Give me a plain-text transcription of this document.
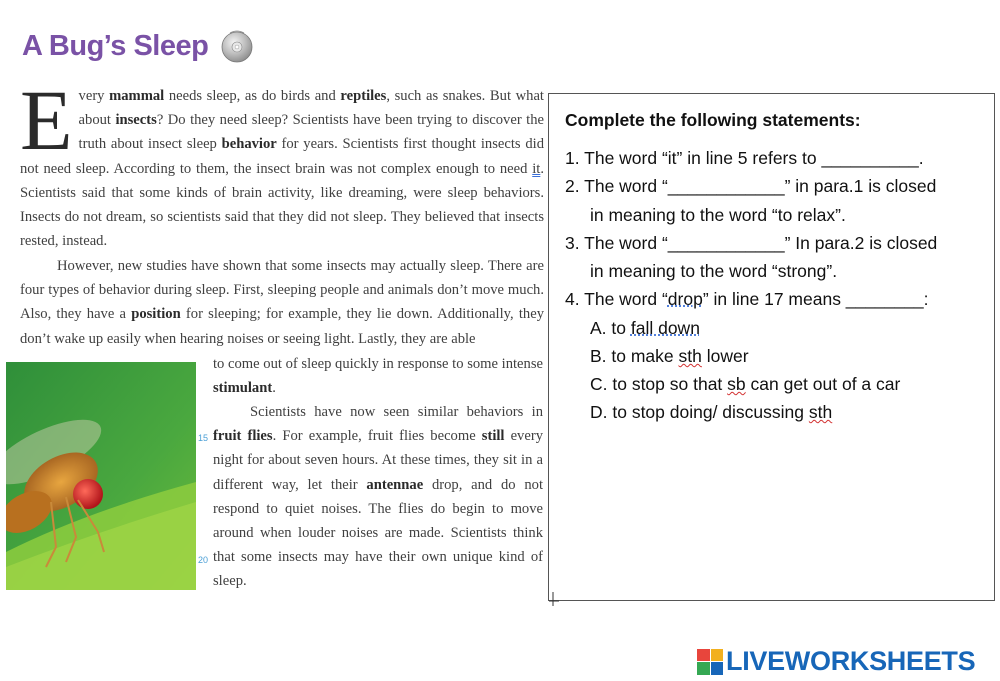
A Bug’s Sleep
Every mammal needs sleep, as do birds and reptiles, such as snakes. But what about insects? Do they need sleep? Scientists have been trying to discover the truth about insect sleep behavior for years. Scientists first thought insects did not need sleep. According to them, the insect brain was not complex enough to need it. Scientists said that some kinds of brain activity, like dreaming, were sleep behaviors. Insects do not dream, so scientists said that they did not sleep. They believed that insects rested, instead.
However, new studies have shown that some insects may actually sleep. There are four types of behavior during sleep. First, sleeping people and animals don’t move much. Also, they have a position for sleeping; for example, they lie down. Additionally, they don’t wake up easily when hearing noises or seeing light. Lastly, they are able
to come out of sleep quickly in response to some intense stimulant.
Scientists have now seen similar behaviors in fruit flies. For example, fruit flies become still every night for about seven hours. At these times, they sit in a different way, let their antennae drop, and do not respond to quiet noises. The flies do begin to move around when louder noises are made. Scientists think that some insects may have their own unique kind of sleep.
15
20
Complete the following statements:
1. The word “it” in line 5 refers to __________.
2. The word “____________” in para.1 is closed
in meaning to the word “to relax”.
3. The word “____________” In para.2 is closed
in meaning to the word “strong”.
4. The word “drop” in line 17 means ________:
A. to fall down
B. to make sth lower
C. to stop so that sb can get out of a car
D. to stop doing/ discussing sth
LIVEWORKSHEETS
